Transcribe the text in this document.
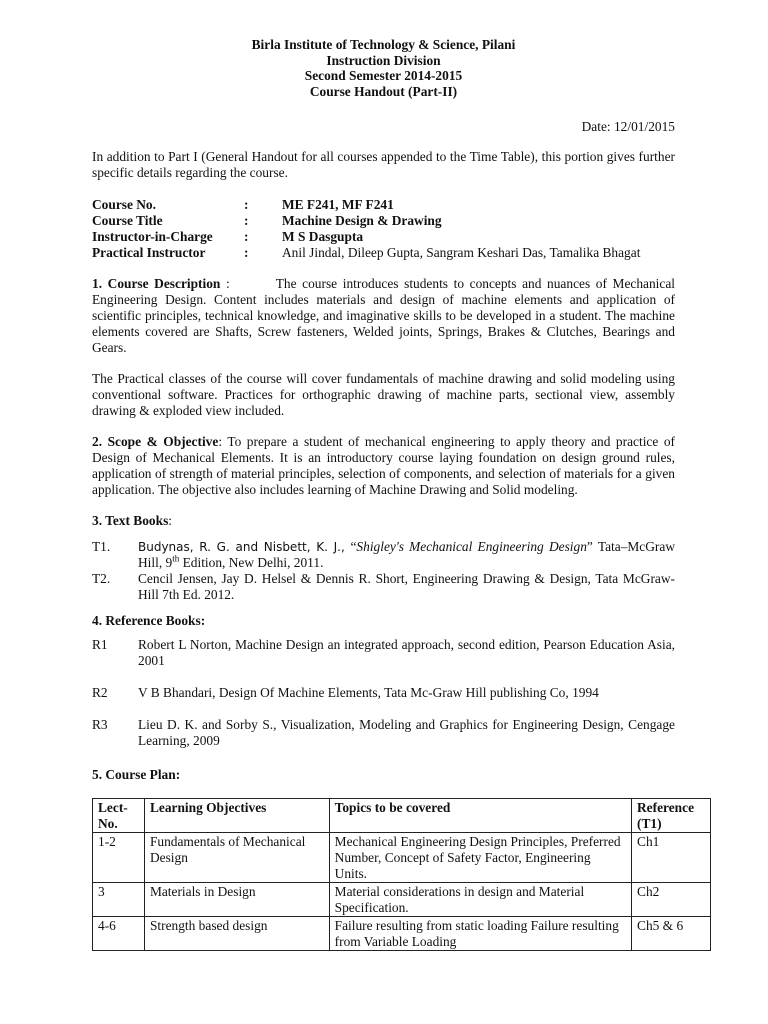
Birla Institute of Technology & Science, Pilani
Instruction Division
Second Semester 2014-2015
Course Handout (Part-II)
Date: 12/01/2015
In addition to Part I (General Handout for all courses appended to the Time Table), this portion gives further specific details regarding the course.
Course No.	:	ME F241, MF F241
Course Title	:	Machine Design & Drawing
Instructor-in-Charge	:	M S Dasgupta
Practical Instructor	:	Anil Jindal, Dileep Gupta, Sangram Keshari Das, Tamalika Bhagat
1. Course Description :	The course introduces students to concepts and nuances of Mechanical Engineering Design. Content includes materials and design of machine elements and application of scientific principles, technical knowledge, and imaginative skills to be developed in a student. The machine elements covered are Shafts, Screw fasteners, Welded joints, Springs, Brakes & Clutches, Bearings and Gears.
The Practical classes of the course will cover fundamentals of machine drawing and solid modeling using conventional software. Practices for orthographic drawing of machine parts, sectional view, assembly drawing & exploded view included.
2. Scope & Objective: To prepare a student of mechanical engineering to apply theory and practice of Design of Mechanical Elements. It is an introductory course laying foundation on design ground rules, application of strength of material principles, selection of components, and selection of materials for a given application. The objective also includes learning of Machine Drawing and Solid modeling.
3. Text Books:
T1.	Budynas, R. G. and Nisbett, K. J., “Shigley's Mechanical Engineering Design” Tata–McGraw Hill, 9th Edition, New Delhi, 2011.
T2.	Cencil Jensen, Jay D. Helsel & Dennis R. Short, Engineering Drawing & Design, Tata McGraw-Hill 7th Ed. 2012.
4. Reference Books:
R1	Robert L Norton, Machine Design an integrated approach, second edition, Pearson Education Asia, 2001
R2	V B Bhandari, Design Of Machine Elements, Tata Mc-Graw Hill publishing Co, 1994
R3	Lieu D. K. and Sorby S., Visualization, Modeling and Graphics for Engineering Design, Cengage Learning, 2009
5. Course Plan:
Lect-No.	Learning Objectives	Topics to be covered	Reference (T1)
1-2	Fundamentals of Mechanical Design	Mechanical Engineering Design Principles, Preferred Number, Concept of Safety Factor, Engineering Units.	Ch1
3	Materials in Design	Material considerations in design and Material Specification.	Ch2
4-6	Strength based design	Failure resulting from static loading Failure resulting from Variable Loading	Ch5 & 6
